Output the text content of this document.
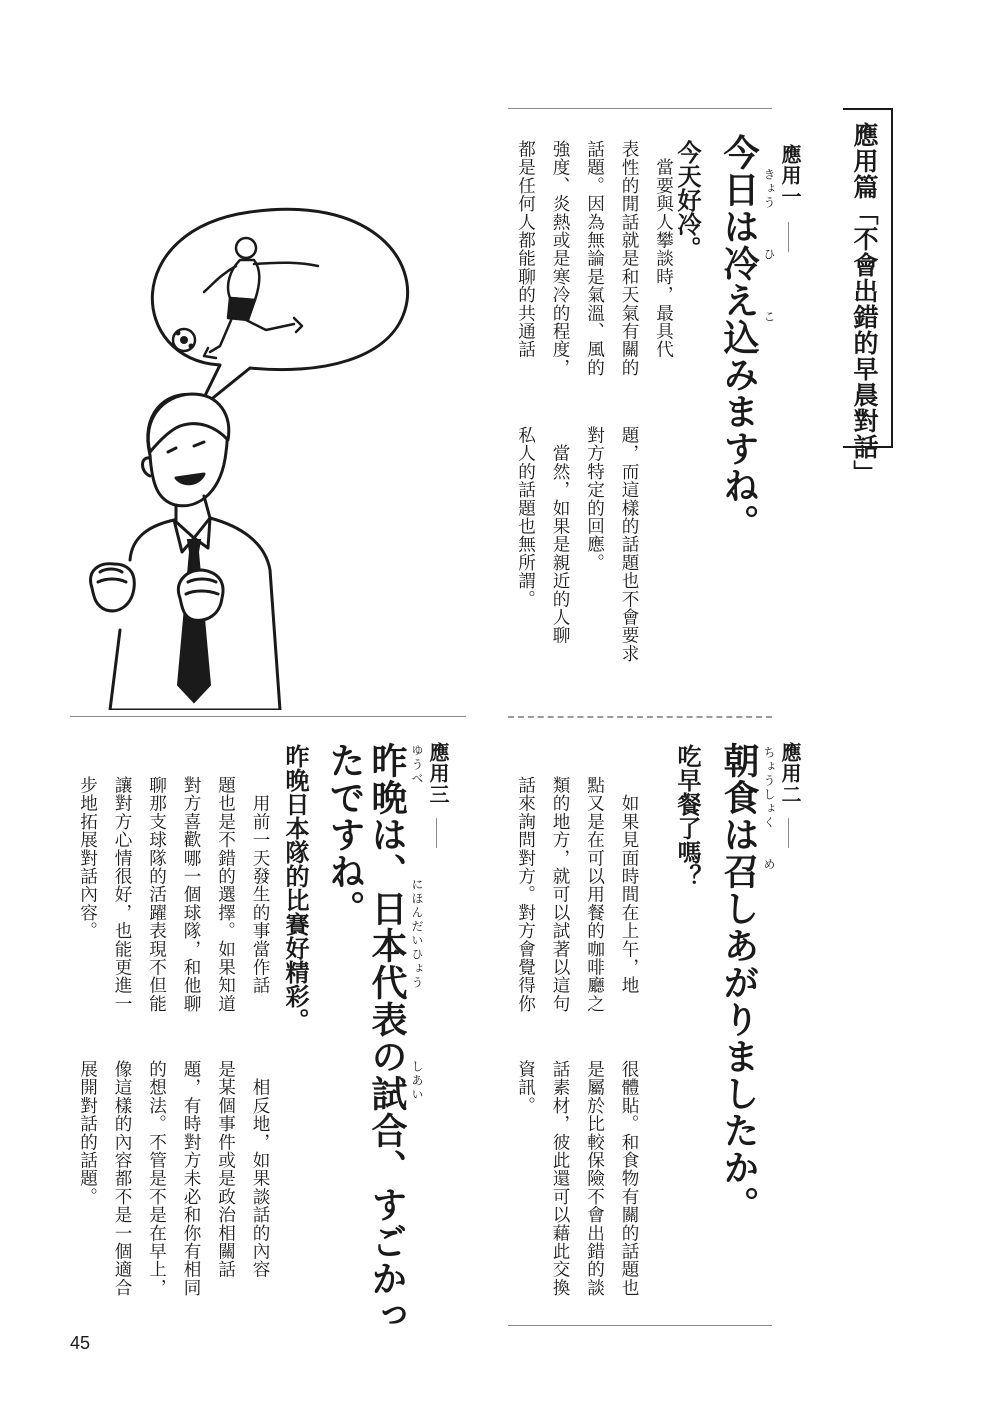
應用篇「不會出錯的早晨對話」
應用一
きょう
ひ
こ
今日は冷え込みますね。
今天好冷。
　當要與人攀談時，最具代
表性的閒話就是和天氣有關的
話題。因為無論是氣溫、風的
強度、炎熱或是寒冷的程度，
都是任何人都能聊的共通話
題，而這樣的話題也不會要求
對方特定的回應。
　當然，如果是親近的人聊
私人的話題也無所謂。
應用二
ちょうしょく
め
朝食は召しあがりましたか。
吃早餐了嗎？
　如果見面時間在上午，地
點又是在可以用餐的咖啡廳之
類的地方，就可以試著以這句
話來詢問對方。對方會覺得你
很體貼。和食物有關的話題也
是屬於比較保險不會出錯的談
話素材，彼此還可以藉此交換
資訊。
應用三
ゆうべ
にほんだいひょう
しあい
昨晩は、日本代表の試合、すごかっ
たですね。
昨晚日本隊的比賽好精彩。
　用前一天發生的事當作話
題也是不錯的選擇。如果知道
對方喜歡哪一個球隊，和他聊
聊那支球隊的活躍表現不但能
讓對方心情很好，也能更進一
步地拓展對話內容。
　相反地，如果談話的內容
是某個事件或是政治相關話
題，有時對方未必和你有相同
的想法。不管是不是在早上，
像這樣的內容都不是一個適合
展開對話的話題。
45
